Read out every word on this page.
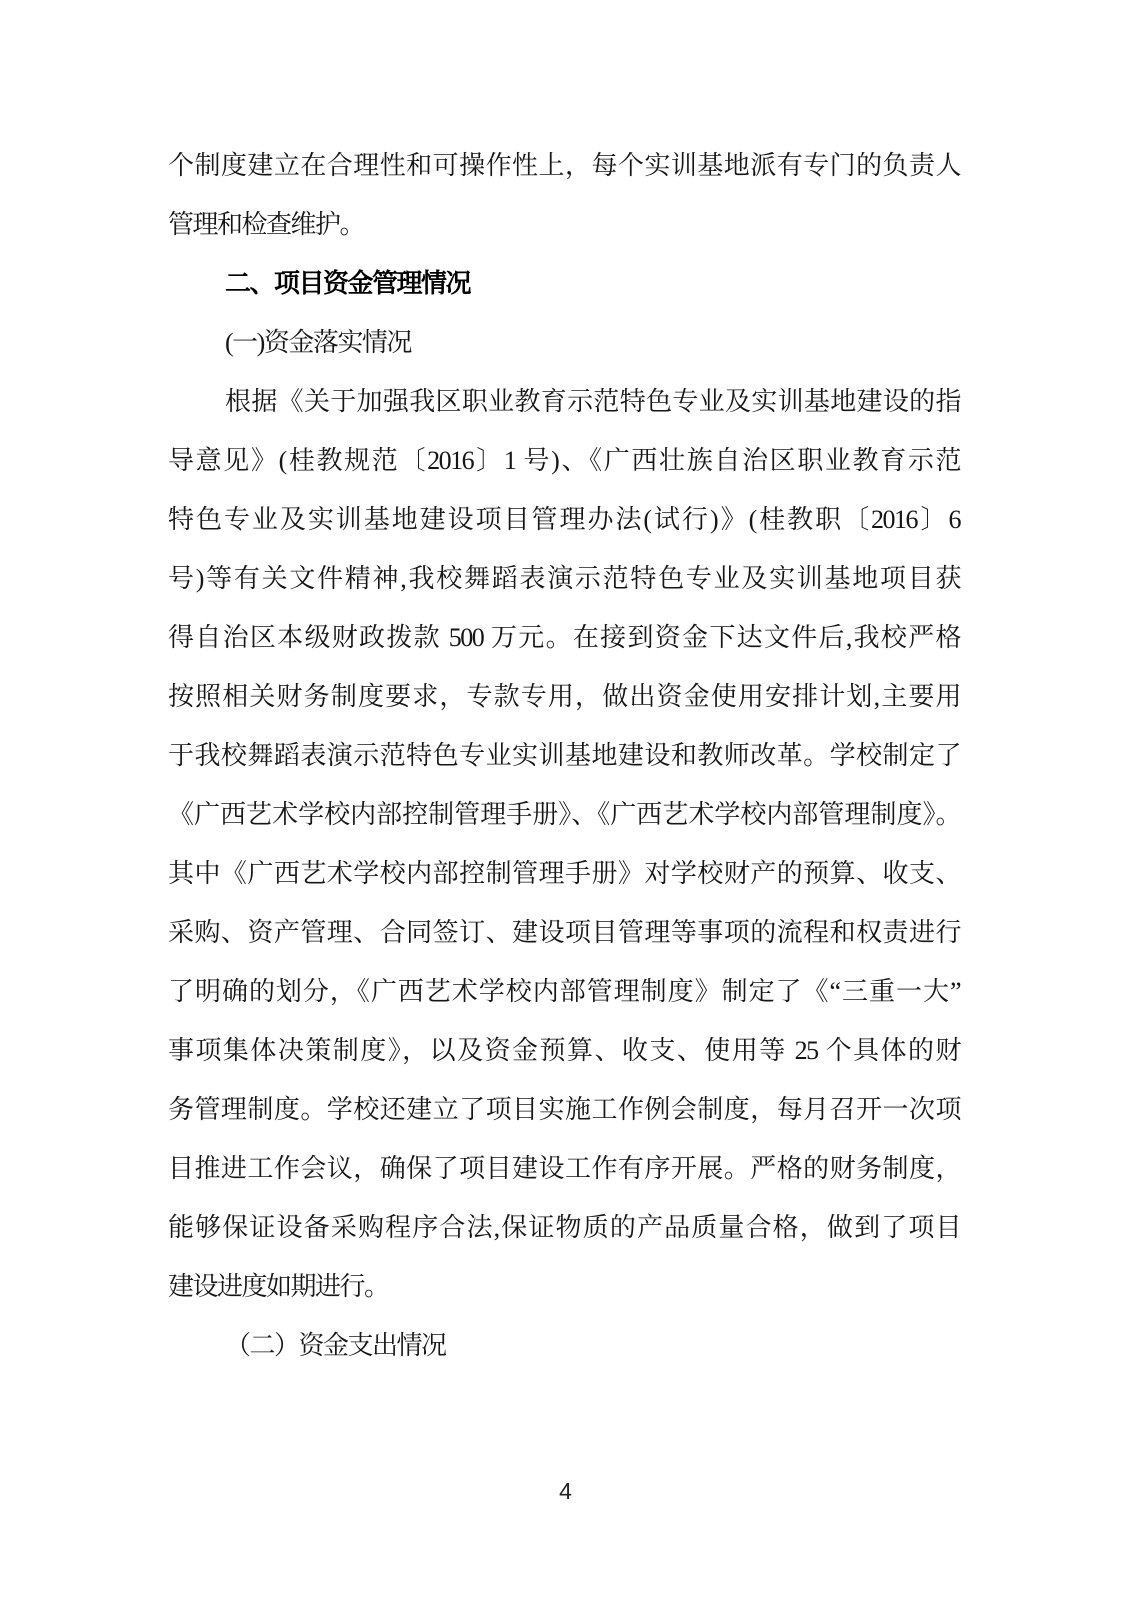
个制度建立在合理性和可操作性上，每个实训基地派有专门的负责人
管理和检查维护。
二、项目资金管理情况
(一)资金落实情况
根据《关于加强我区职业教育示范特色专业及实训基地建设的指
导意见》(桂教规范〔2016〕1 号)、《广西壮族自治区职业教育示范
特色专业及实训基地建设项目管理办法(试行)》(桂教职〔2016〕6
号)等有关文件精神,我校舞蹈表演示范特色专业及实训基地项目获
得自治区本级财政拨款 500 万元。在接到资金下达文件后,我校严格
按照相关财务制度要求，专款专用，做出资金使用安排计划,主要用
于我校舞蹈表演示范特色专业实训基地建设和教师改革。学校制定了
《广西艺术学校内部控制管理手册》、《广西艺术学校内部管理制度》。
其中《广西艺术学校内部控制管理手册》对学校财产的预算、收支、
采购、资产管理、合同签订、建设项目管理等事项的流程和权责进行
了明确的划分，《广西艺术学校内部管理制度》制定了《“三重一大”
事项集体决策制度》，以及资金预算、收支、使用等 25 个具体的财
务管理制度。学校还建立了项目实施工作例会制度，每月召开一次项
目推进工作会议，确保了项目建设工作有序开展。严格的财务制度，
能够保证设备采购程序合法,保证物质的产品质量合格，做到了项目
建设进度如期进行。
（二）资金支出情况
4
